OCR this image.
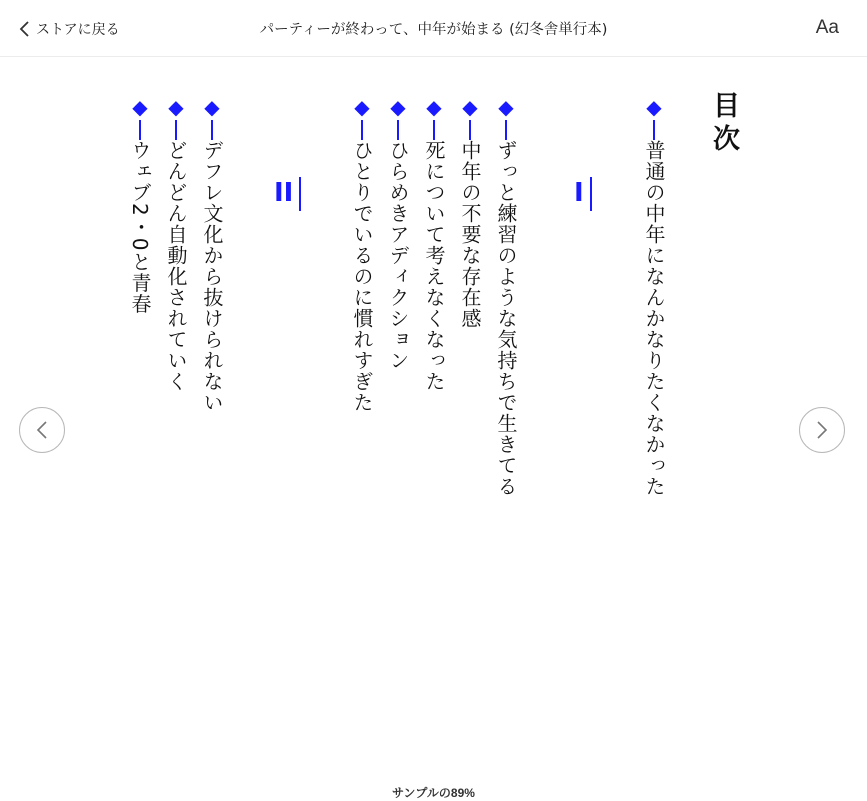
ストアに戻る	パーティーが終わって、中年が始まる (幻冬舎単行本)	Aa
目次
◆普通の中年になんかなりたくなかった
I
◆ずっと練習のような気持ちで生きてる
◆中年の不要な存在感
◆死について考えなくなった
◆ひらめきアディクション
◆ひとりでいるのに慣れすぎた
II
◆デフレ文化から抜けられない
◆どんどん自動化されていく
◆ウェブ2・0と青春
サンプルの89%
